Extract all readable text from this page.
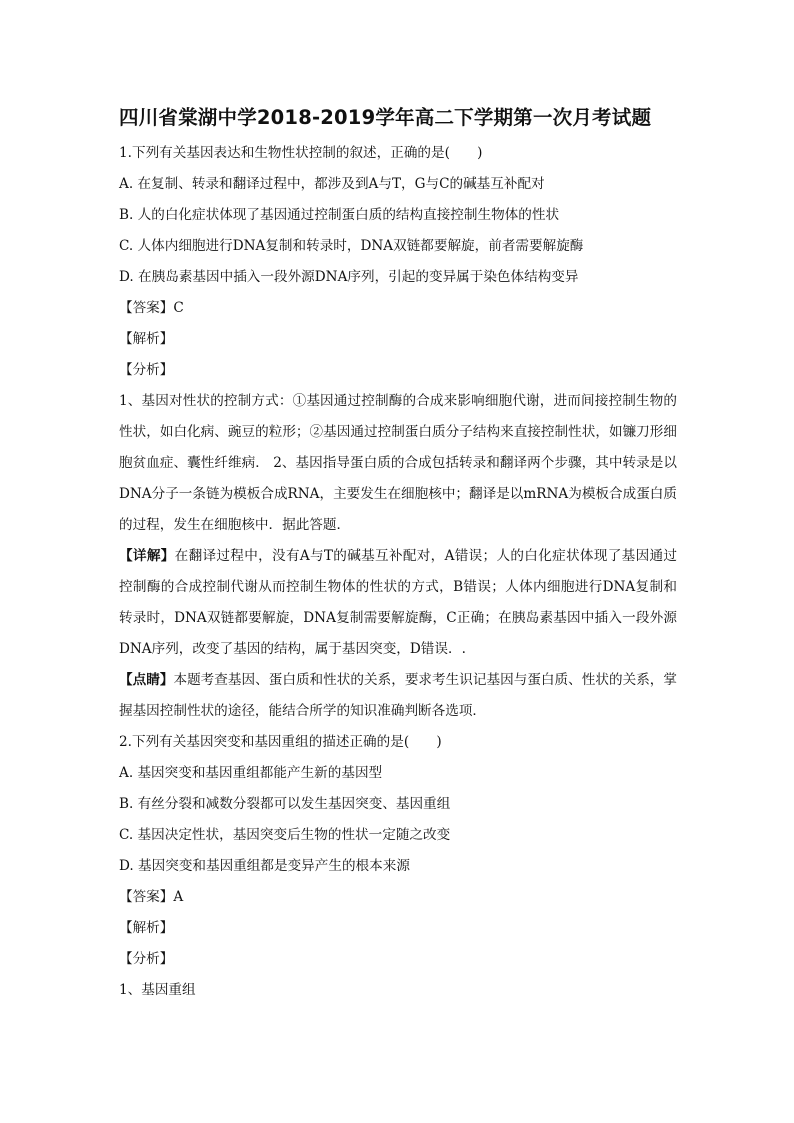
四川省棠湖中学2018-2019学年高二下学期第一次月考试题
1.下列有关基因表达和生物性状控制的叙述，正确的是(　　)
A. 在复制、转录和翻译过程中，都涉及到A与T，G与C的碱基互补配对
B. 人的白化症状体现了基因通过控制蛋白质的结构直接控制生物体的性状
C. 人体内细胞进行DNA复制和转录时，DNA双链都要解旋，前者需要解旋酶
D. 在胰岛素基因中插入一段外源DNA序列，引起的变异属于染色体结构变异
【答案】C
【解析】
【分析】
1、基因对性状的控制方式：①基因通过控制酶的合成来影响细胞代谢，进而间接控制生物的性状，如白化病、豌豆的粒形；②基因通过控制蛋白质分子结构来直接控制性状，如镰刀形细胞贫血症、囊性纤维病． 2、基因指导蛋白质的合成包括转录和翻译两个步骤，其中转录是以DNA分子一条链为模板合成RNA，主要发生在细胞核中；翻译是以mRNA为模板合成蛋白质的过程，发生在细胞核中．据此答题．
【详解】在翻译过程中，没有A与T的碱基互补配对，A错误；人的白化症状体现了基因通过控制酶的合成控制代谢从而控制生物体的性状的方式，B错误；人体内细胞进行DNA复制和转录时，DNA双链都要解旋，DNA复制需要解旋酶，C正确；在胰岛素基因中插入一段外源DNA序列，改变了基因的结构，属于基因突变，D错误．.
【点睛】本题考查基因、蛋白质和性状的关系，要求考生识记基因与蛋白质、性状的关系，掌握基因控制性状的途径，能结合所学的知识准确判断各选项．
2.下列有关基因突变和基因重组的描述正确的是(　　)
A. 基因突变和基因重组都能产生新的基因型
B. 有丝分裂和减数分裂都可以发生基因突变、基因重组
C. 基因决定性状，基因突变后生物的性状一定随之改变
D. 基因突变和基因重组都是变异产生的根本来源
【答案】A
【解析】
【分析】
1、基因重组
